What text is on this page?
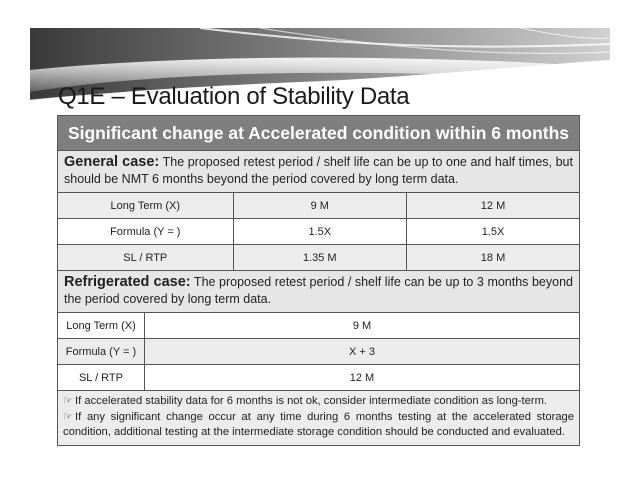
Q1E – Evaluation of Stability Data
Significant change at Accelerated condition within 6 months
General case: The proposed retest period / shelf life can be up to one and half times, but should be NMT 6 months beyond the period covered by long term data.
Long Term (X)	9 M	12 M
Formula (Y = )	1.5X	1.5X
SL / RTP	1.35 M	18 M
Refrigerated case: The proposed retest period / shelf life can be up to 3 months beyond the period covered by long term data.
Long Term (X)	9 M
Formula (Y = )	X + 3
SL / RTP	12 M
☞ If accelerated stability data for 6 months is not ok, consider intermediate condition as long-term.
☞ If any significant change occur at any time during 6 months testing at the accelerated storage condition, additional testing at the intermediate storage condition should be conducted and evaluated.
